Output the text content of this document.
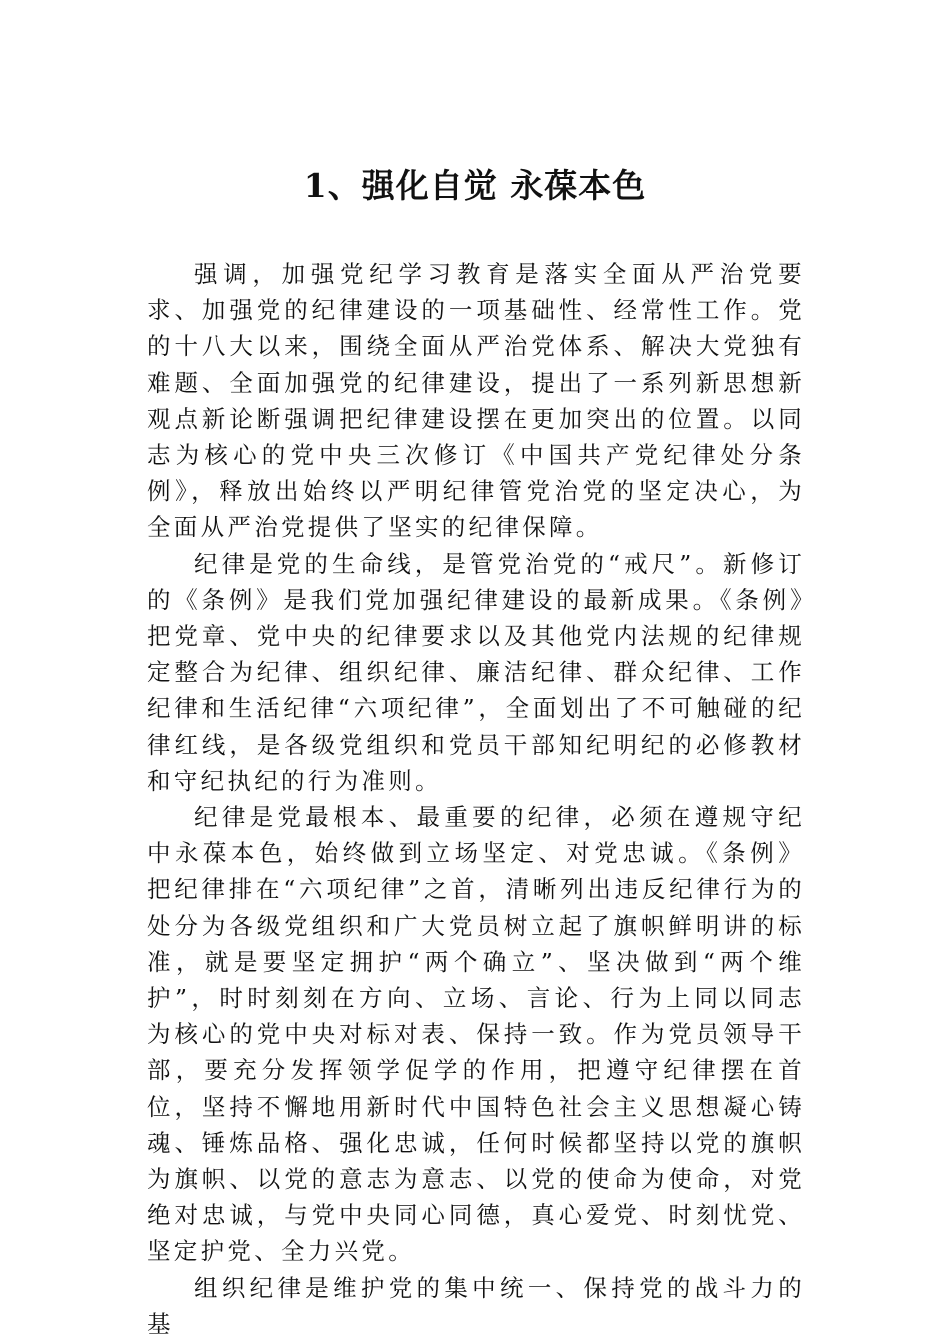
1、强化自觉 永葆本色

强调，加强党纪学习教育是落实全面从严治党要求、加强党的纪律建设的一项基础性、经常性工作。党的十八大以来，围绕全面从严治党体系、解决大党独有难题、全面加强党的纪律建设，提出了一系列新思想新观点新论断强调把纪律建设摆在更加突出的位置。以同志为核心的党中央三次修订《中国共产党纪律处分条例》，释放出始终以严明纪律管党治党的坚定决心，为全面从严治党提供了坚实的纪律保障。

纪律是党的生命线，是管党治党的“戒尺”。新修订的《条例》是我们党加强纪律建设的最新成果。《条例》把党章、党中央的纪律要求以及其他党内法规的纪律规定整合为纪律、组织纪律、廉洁纪律、群众纪律、工作纪律和生活纪律“六项纪律”，全面划出了不可触碰的纪律红线，是各级党组织和党员干部知纪明纪的必修教材和守纪执纪的行为准则。

纪律是党最根本、最重要的纪律，必须在遵规守纪中永葆本色，始终做到立场坚定、对党忠诚。《条例》把纪律排在“六项纪律”之首，清晰列出违反纪律行为的处分为各级党组织和广大党员树立起了旗帜鲜明讲的标准，就是要坚定拥护“两个确立”、坚决做到“两个维护”，时时刻刻在方向、立场、言论、行为上同以同志为核心的党中央对标对表、保持一致。作为党员领导干部，要充分发挥领学促学的作用，把遵守纪律摆在首位，坚持不懈地用新时代中国特色社会主义思想凝心铸魂、锤炼品格、强化忠诚，任何时候都坚持以党的旗帜为旗帜、以党的意志为意志、以党的使命为使命，对党绝对忠诚，与党中央同心同德，真心爱党、时刻忧党、坚定护党、全力兴党。

组织纪律是维护党的集中统一、保持党的战斗力的基
